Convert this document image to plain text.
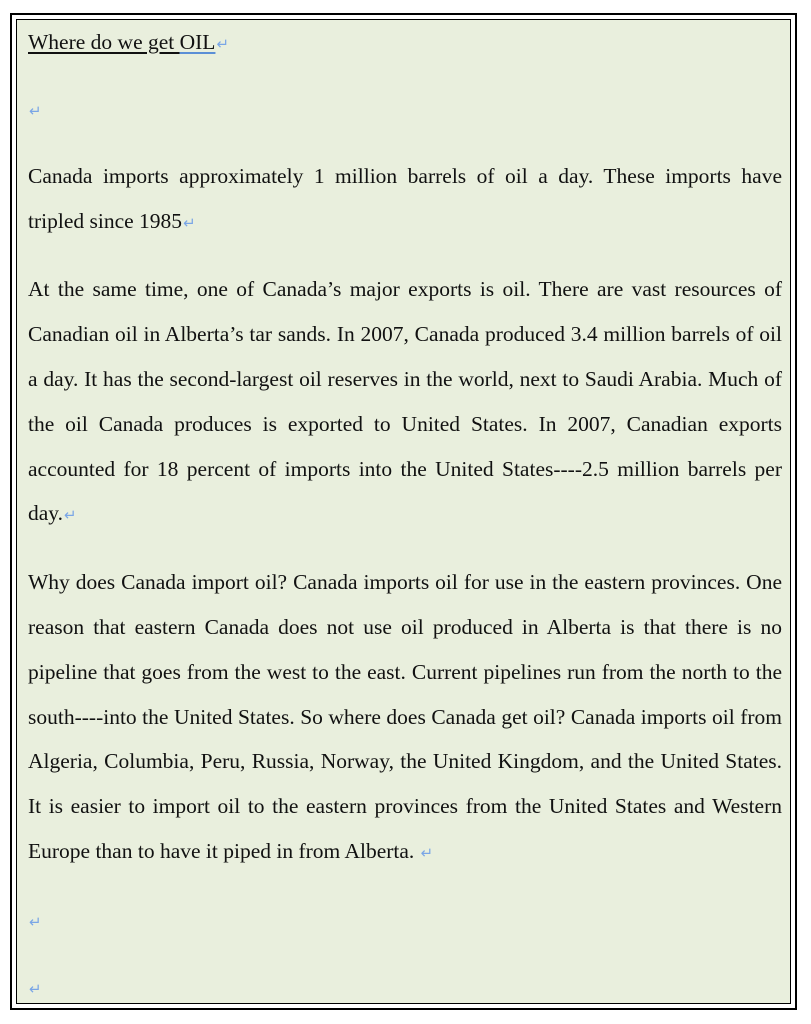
Where do we get OIL↵

↵

Canada imports approximately 1 million barrels of oil a day. These imports have tripled since 1985↵

At the same time, one of Canada’s major exports is oil. There are vast resources of Canadian oil in Alberta’s tar sands. In 2007, Canada produced 3.4 million barrels of oil a day. It has the second-largest oil reserves in the world, next to Saudi Arabia. Much of the oil Canada produces is exported to United States. In 2007, Canadian exports accounted for 18 percent of imports into the United States----2.5 million barrels per day.↵

Why does Canada import oil? Canada imports oil for use in the eastern provinces. One reason that eastern Canada does not use oil produced in Alberta is that there is no pipeline that goes from the west to the east. Current pipelines run from the north to the south----into the United States. So where does Canada get oil? Canada imports oil from Algeria, Columbia, Peru, Russia, Norway, the United Kingdom, and the United States. It is easier to import oil to the eastern provinces from the United States and Western Europe than to have it piped in from Alberta. ↵

↵

↵
